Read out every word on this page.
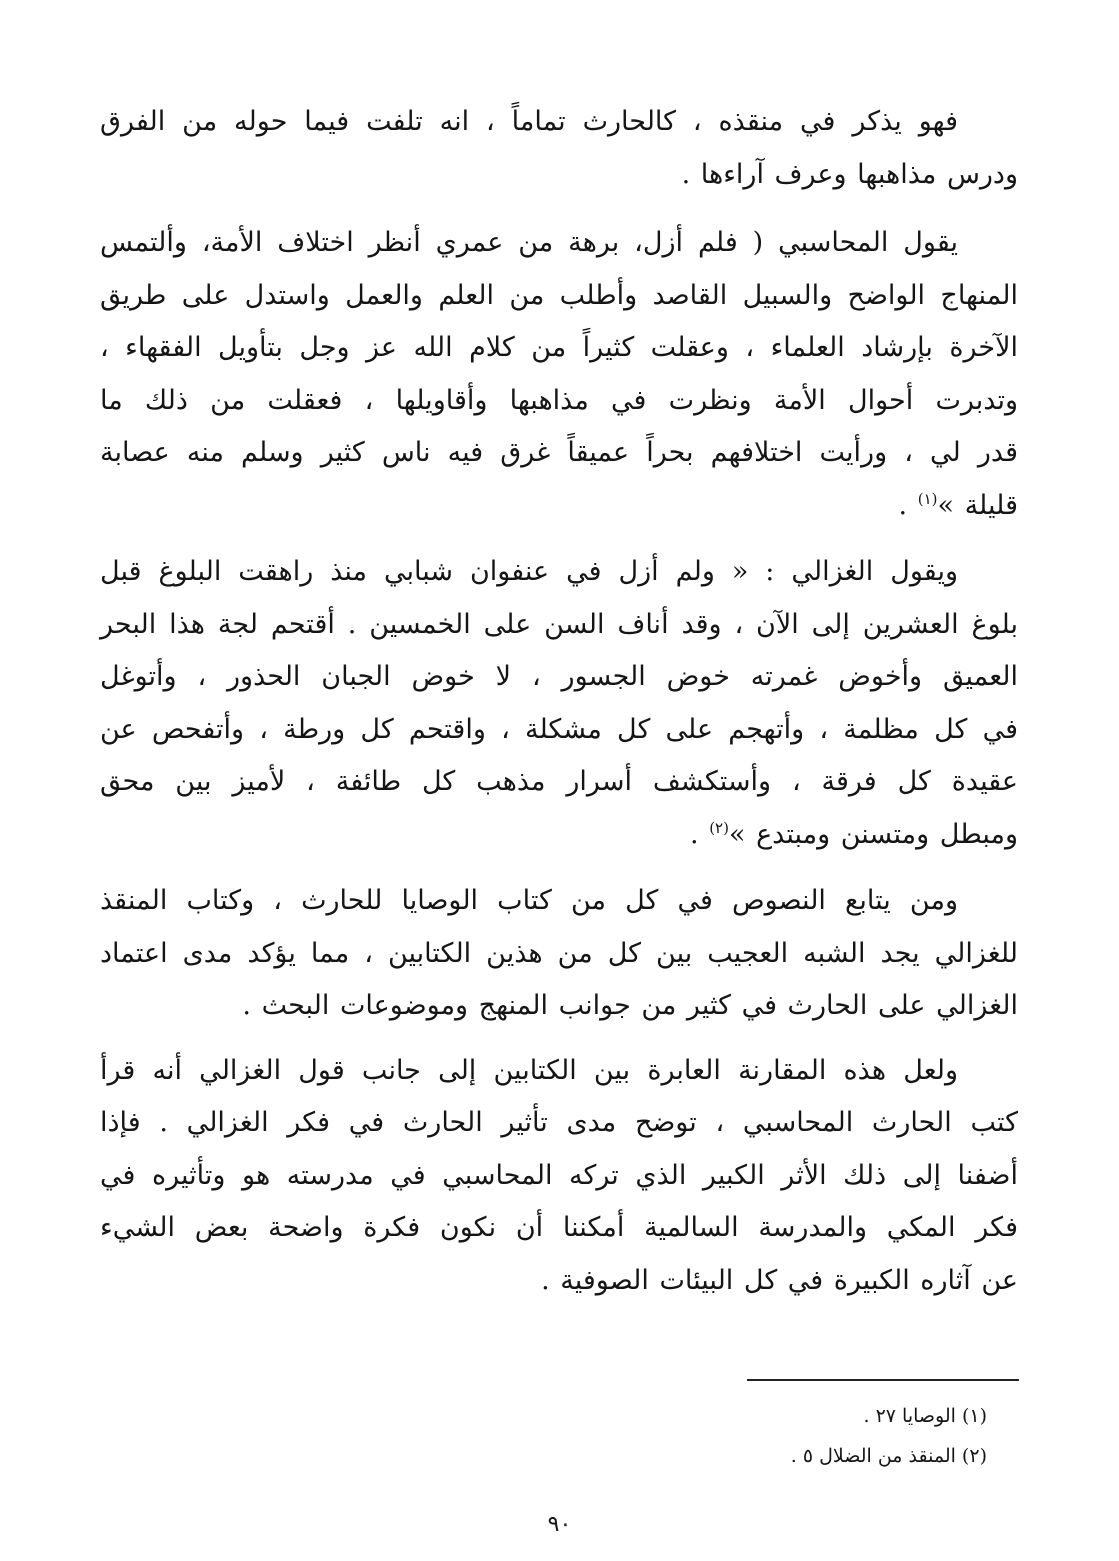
فهو يذكر في منقذه ، كالحارث تماماً ، انه تلفت فيما حوله من الفرق
ودرس مذاهبها وعرف آراءها .

يقول المحاسبي ( فلم أزل، برهة من عمري أنظر اختلاف الأمة، وألتمس
المنهاج الواضح والسبيل القاصد وأطلب من العلم والعمل واستدل على طريق
الآخرة بإرشاد العلماء ، وعقلت كثيراً من كلام الله عز وجل بتأويل الفقهاء ،
وتدبرت أحوال الأمة ونظرت في مذاهبها وأقاويلها ، فعقلت من ذلك ما
قدر لي ، ورأيت اختلافهم بحراً عميقاً غرق فيه ناس كثير وسلم منه عصابة
قليلة »$^{(١)}$ .

ويقول الغزالي : « ولم أزل في عنفوان شبابي منذ راهقت البلوغ قبل
بلوغ العشرين إلى الآن ، وقد أناف السن على الخمسين . أقتحم لجة هذا البحر
العميق وأخوض غمرته خوض الجسور ، لا خوض الجبان الحذور ، وأتوغل
في كل مظلمة ، وأتهجم على كل مشكلة ، واقتحم كل ورطة ، وأتفحص عن
عقيدة كل فرقة ، وأستكشف أسرار مذهب كل طائفة ، لأميز بين محق
ومبطل ومتسنن ومبتدع »$^{(٢)}$ .

ومن يتابع النصوص في كل من كتاب الوصايا للحارث ، وكتاب المنقذ
للغزالي يجد الشبه العجيب بين كل من هذين الكتابين ، مما يؤكد مدى اعتماد
الغزالي على الحارث في كثير من جوانب المنهج وموضوعات البحث .

ولعل هذه المقارنة العابرة بين الكتابين إلى جانب قول الغزالي أنه قرأ
كتب الحارث المحاسبي ، توضح مدى تأثير الحارث في فكر الغزالي . فإذا
أضفنا إلى ذلك الأثر الكبير الذي تركه المحاسبي في مدرسته هو وتأثيره في
فكر المكي والمدرسة السالمية أمكننا أن نكون فكرة واضحة بعض الشيء
عن آثاره الكبيرة في كل البيئات الصوفية .

(١) الوصايا ٢٧ .
(٢) المنقذ من الضلال ٥ .
٩٠
